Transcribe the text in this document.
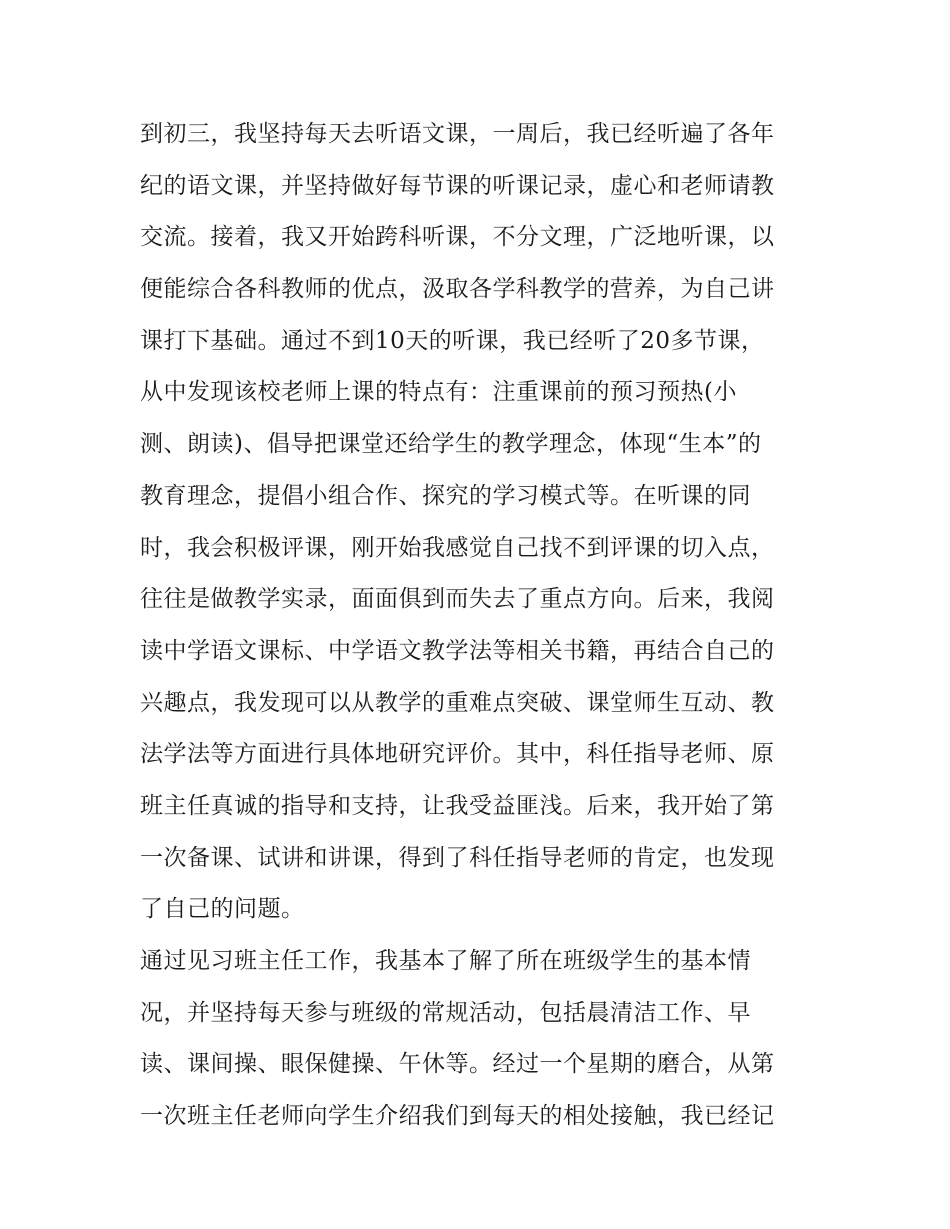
到初三，我坚持每天去听语文课，一周后，我已经听遍了各年
纪的语文课，并坚持做好每节课的听课记录，虚心和老师请教
交流。接着，我又开始跨科听课，不分文理，广泛地听课，以
便能综合各科教师的优点，汲取各学科教学的营养，为自己讲
课打下基础。通过不到10天的听课，我已经听了20多节课，
从中发现该校老师上课的特点有：注重课前的预习预热(小
测、朗读)、倡导把课堂还给学生的教学理念，体现“生本”的
教育理念，提倡小组合作、探究的学习模式等。在听课的同
时，我会积极评课，刚开始我感觉自己找不到评课的切入点，
往往是做教学实录，面面俱到而失去了重点方向。后来，我阅
读中学语文课标、中学语文教学法等相关书籍，再结合自己的
兴趣点，我发现可以从教学的重难点突破、课堂师生互动、教
法学法等方面进行具体地研究评价。其中，科任指导老师、原
班主任真诚的指导和支持，让我受益匪浅。后来，我开始了第
一次备课、试讲和讲课，得到了科任指导老师的肯定，也发现
了自己的问题。
通过见习班主任工作，我基本了解了所在班级学生的基本情
况，并坚持每天参与班级的常规活动，包括晨清洁工作、早
读、课间操、眼保健操、午休等。经过一个星期的磨合，从第
一次班主任老师向学生介绍我们到每天的相处接触，我已经记
